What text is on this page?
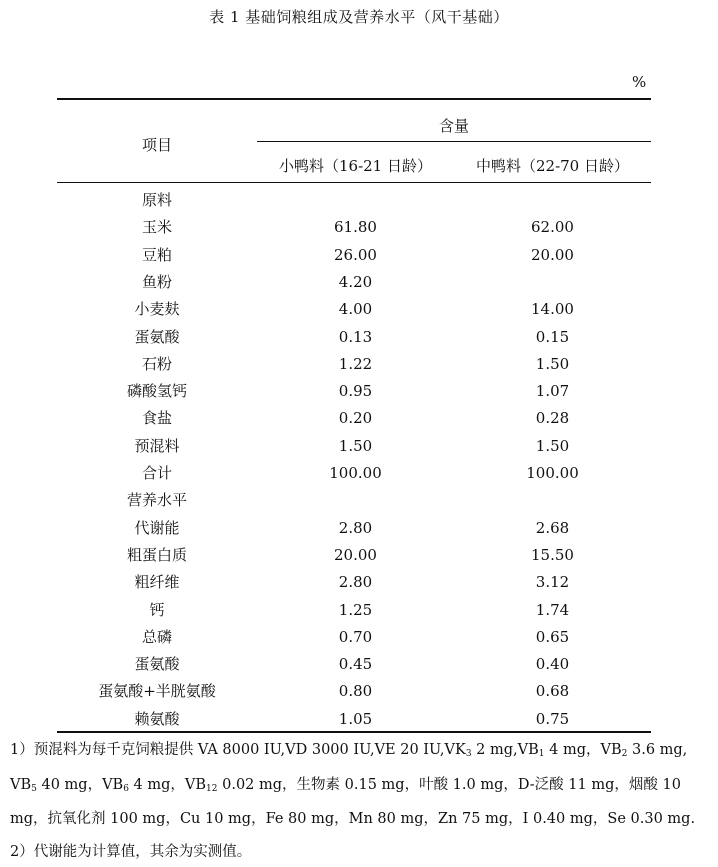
表 1 基础饲粮组成及营养水平（风干基础）
%
项目
含量
小鸭料（16-21 日龄）	中鸭料（22-70 日龄）
原料
玉米	61.80	62.00
豆粕	26.00	20.00
鱼粉	4.20
小麦麸	4.00	14.00
蛋氨酸	0.13	0.15
石粉	1.22	1.50
磷酸氢钙	0.95	1.07
食盐	0.20	0.28
预混料	1.50	1.50
合计	100.00	100.00
营养水平
代谢能	2.80	2.68
粗蛋白质	20.00	15.50
粗纤维	2.80	3.12
钙	1.25	1.74
总磷	0.70	0.65
蛋氨酸	0.45	0.40
蛋氨酸+半胱氨酸	0.80	0.68
赖氨酸	1.05	0.75
1）预混料为每千克饲粮提供 VA 8000 IU,VD 3000 IU,VE 20 $IU,VK_3$ 2 $mg,VB_1$ 4 mg，$VB_2$ 3.6 mg,
$VB_5$ 40 mg，$VB_6$ 4 mg，$VB_{12}$ 0.02 mg，生物素 0.15 mg，叶酸 1.0 mg，D-泛酸 11 mg，烟酸 10
mg，抗氧化剂 100 mg，Cu 10 mg，Fe 80 mg，Mn 80 mg，Zn 75 mg，I 0.40 mg，Se 0.30 mg.
2）代谢能为计算值，其余为实测值。
